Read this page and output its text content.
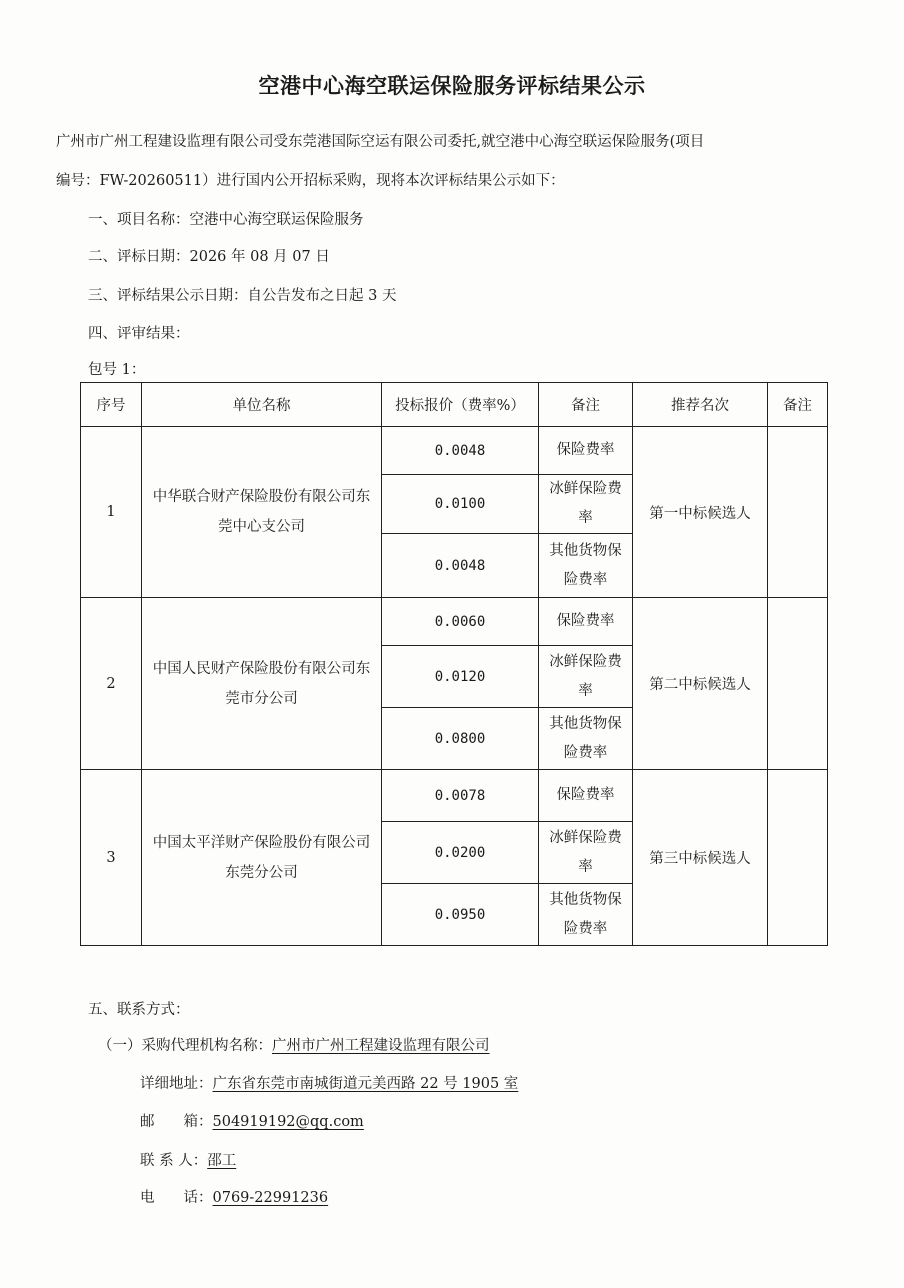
空港中心海空联运保险服务评标结果公示
广州市广州工程建设监理有限公司受东莞港国际空运有限公司委托,就空港中心海空联运保险服务(项目
编号：FW-20260511）进行国内公开招标采购，现将本次评标结果公示如下：
一、项目名称：空港中心海空联运保险服务
二、评标日期：2026 年 08 月 07 日
三、评标结果公示日期：自公告发布之日起 3 天
四、评审结果：
包号 1：
序号	单位名称	投标报价（费率%）	备注	推荐名次	备注
1	中华联合财产保险股份有限公司东莞中心支公司	0.0048	保险费率	第一中标候选人	
		0.0100	冰鲜保险费率		
		0.0048	其他货物保险费率		
2	中国人民财产保险股份有限公司东莞市分公司	0.0060	保险费率	第二中标候选人	
		0.0120	冰鲜保险费率		
		0.0800	其他货物保险费率		
3	中国太平洋财产保险股份有限公司东莞分公司	0.0078	保险费率	第三中标候选人	
		0.0200	冰鲜保险费率		
		0.0950	其他货物保险费率		
五、联系方式：
（一）采购代理机构名称：广州市广州工程建设监理有限公司
详细地址：广东省东莞市南城街道元美西路 22 号 1905 室
邮　　箱：504919192@qq.com
联 系 人：邵工
电　　话：0769-22991236
